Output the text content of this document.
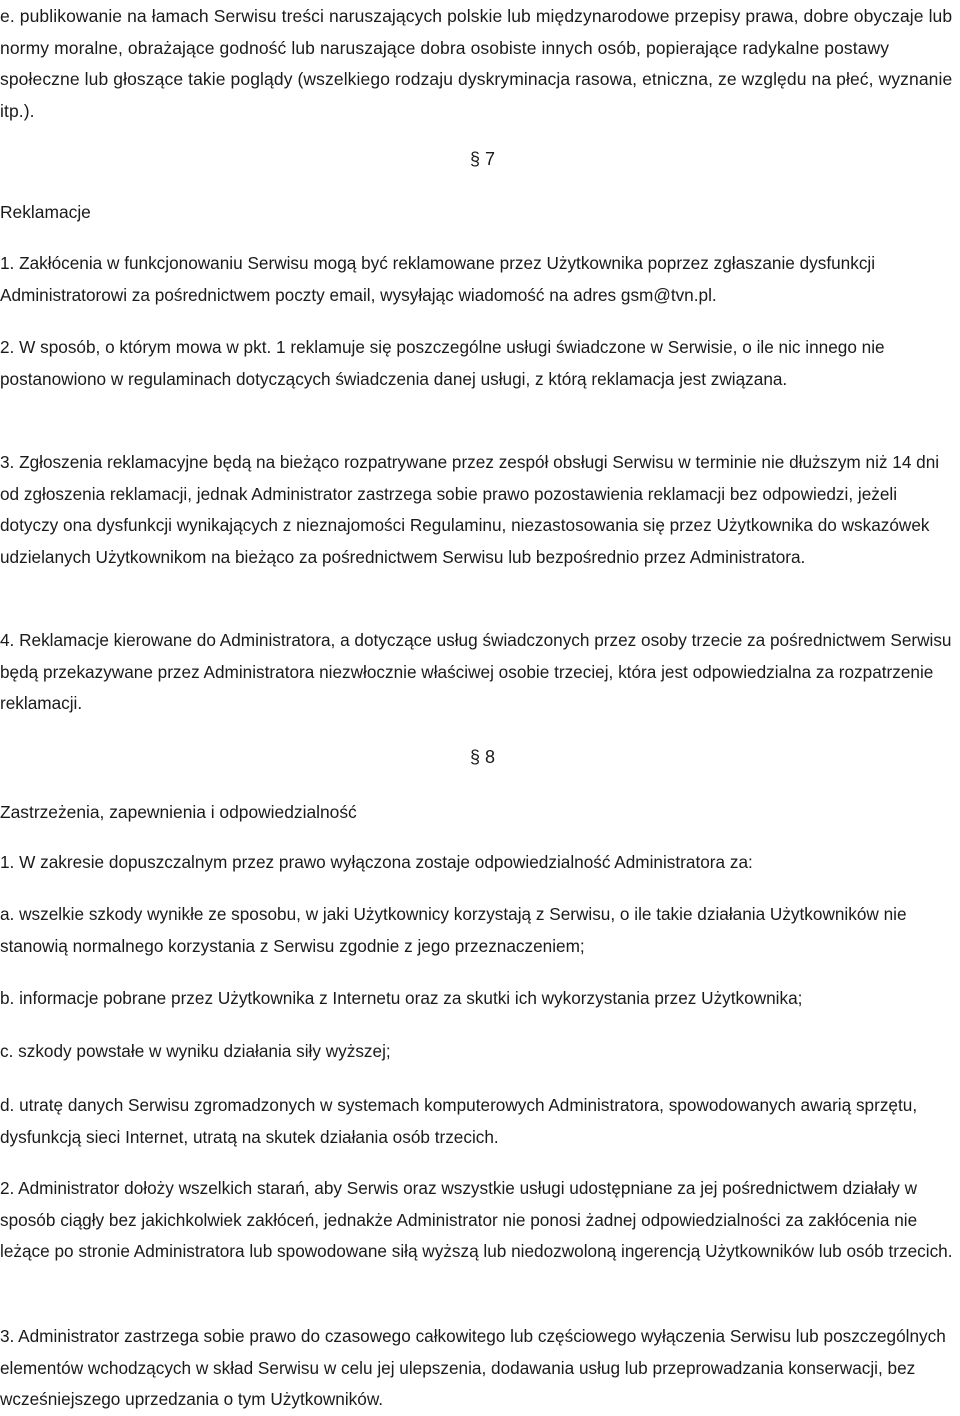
e. publikowanie na łamach Serwisu treści naruszających polskie lub międzynarodowe przepisy prawa, dobre obyczaje lub normy moralne, obrażające godność lub naruszające dobra osobiste innych osób, popierające radykalne postawy społeczne lub głoszące takie poglądy (wszelkiego rodzaju dyskryminacja rasowa, etniczna, ze względu na płeć, wyznanie itp.).

§ 7
Reklamacje

1. Zakłócenia w funkcjonowaniu Serwisu mogą być reklamowane przez Użytkownika poprzez zgłaszanie dysfunkcji Administratorowi za pośrednictwem poczty email, wysyłając wiadomość na adres gsm@tvn.pl.

2. W sposób, o którym mowa w pkt. 1 reklamuje się poszczególne usługi świadczone w Serwisie, o ile nic innego nie postanowiono w regulaminach dotyczących świadczenia danej usługi, z którą reklamacja jest związana.

3. Zgłoszenia reklamacyjne będą na bieżąco rozpatrywane przez zespół obsługi Serwisu w terminie nie dłuższym niż 14 dni od zgłoszenia reklamacji, jednak Administrator zastrzega sobie prawo pozostawienia reklamacji bez odpowiedzi, jeżeli dotyczy ona dysfunkcji wynikających z nieznajomości Regulaminu, niezastosowania się przez Użytkownika do wskazówek udzielanych Użytkownikom na bieżąco za pośrednictwem Serwisu lub bezpośrednio przez Administratora.

4. Reklamacje kierowane do Administratora, a dotyczące usług świadczonych przez osoby trzecie za pośrednictwem Serwisu będą przekazywane przez Administratora niezwłocznie właściwej osobie trzeciej, która jest odpowiedzialna za rozpatrzenie reklamacji.

§ 8
Zastrzeżenia, zapewnienia i odpowiedzialność

1. W zakresie dopuszczalnym przez prawo wyłączona zostaje odpowiedzialność Administratora za:

a. wszelkie szkody wynikłe ze sposobu, w jaki Użytkownicy korzystają z Serwisu, o ile takie działania Użytkowników nie stanowią normalnego korzystania z Serwisu zgodnie z jego przeznaczeniem;

b. informacje pobrane przez Użytkownika z Internetu oraz za skutki ich wykorzystania przez Użytkownika;

c. szkody powstałe w wyniku działania siły wyższej;

d. utratę danych Serwisu zgromadzonych w systemach komputerowych Administratora, spowodowanych awarią sprzętu, dysfunkcją sieci Internet, utratą na skutek działania osób trzecich.

2. Administrator dołoży wszelkich starań, aby Serwis oraz wszystkie usługi udostępniane za jej pośrednictwem działały w sposób ciągły bez jakichkolwiek zakłóceń, jednakże Administrator nie ponosi żadnej odpowiedzialności za zakłócenia nie leżące po stronie Administratora lub spowodowane siłą wyższą lub niedozwoloną ingerencją Użytkowników lub osób trzecich.

3. Administrator zastrzega sobie prawo do czasowego całkowitego lub częściowego wyłączenia Serwisu lub poszczególnych elementów wchodzących w skład Serwisu w celu jej ulepszenia, dodawania usług lub przeprowadzania konserwacji, bez wcześniejszego uprzedzania o tym Użytkowników.
